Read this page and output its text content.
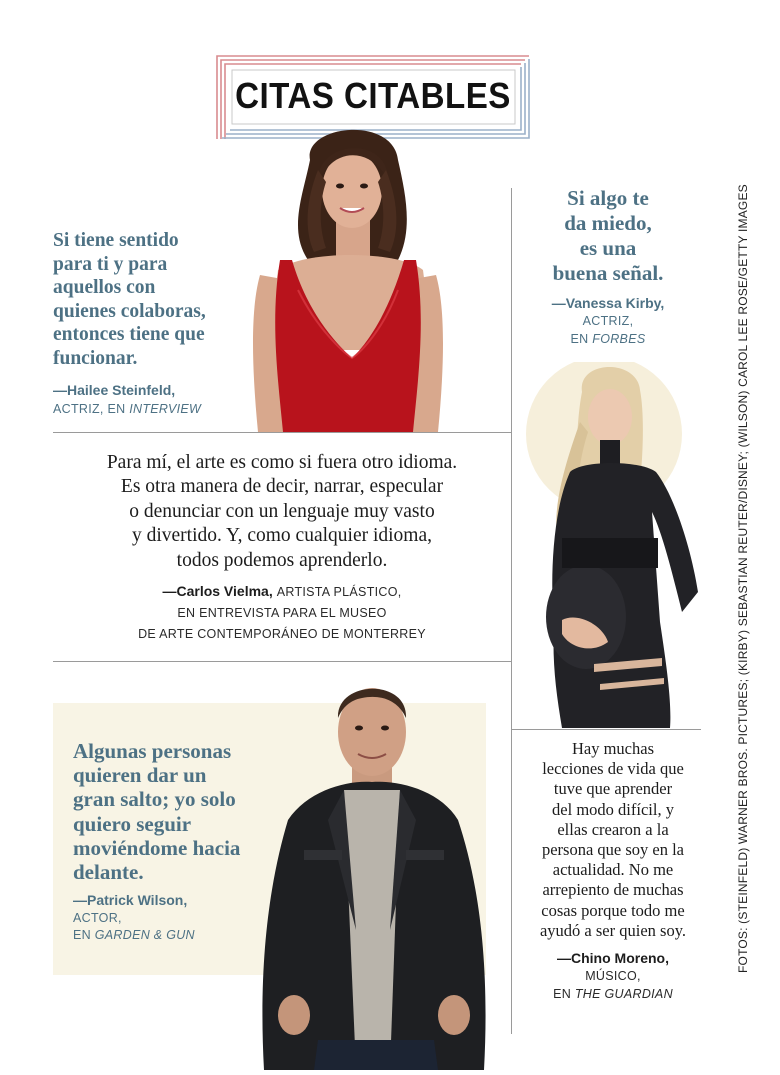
CITAS CITABLES
Si tiene sentido
para ti y para
aquellos con
quienes colaboras,
entonces tiene que
funcionar.
—Hailee Steinfeld,
ACTRIZ, EN INTERVIEW
Si algo te
da miedo,
es una
buena señal.
—Vanessa Kirby,
ACTRIZ,
EN FORBES
Para mí, el arte es como si fuera otro idioma.
Es otra manera de decir, narrar, especular
o denunciar con un lenguaje muy vasto
y divertido. Y, como cualquier idioma,
todos podemos aprenderlo.
—Carlos Vielma, ARTISTA PLÁSTICO,
EN ENTREVISTA PARA EL MUSEO
DE ARTE CONTEMPORÁNEO DE MONTERREY
Algunas personas
quieren dar un
gran salto; yo solo
quiero seguir
moviéndome hacia
delante.
—Patrick Wilson,
ACTOR,
EN GARDEN & GUN
Hay muchas
lecciones de vida que
tuve que aprender
del modo difícil, y
ellas crearon a la
persona que soy en la
actualidad. No me
arrepiento de muchas
cosas porque todo me
ayudó a ser quien soy.
—Chino Moreno,
MÚSICO,
EN THE GUARDIAN
FOTOS: (STEINFELD) WARNER BROS. PICTURES; (KIRBY) SEBASTIAN REUTER/DISNEY; (WILSON) CAROL LEE ROSE/GETTY IMAGES
